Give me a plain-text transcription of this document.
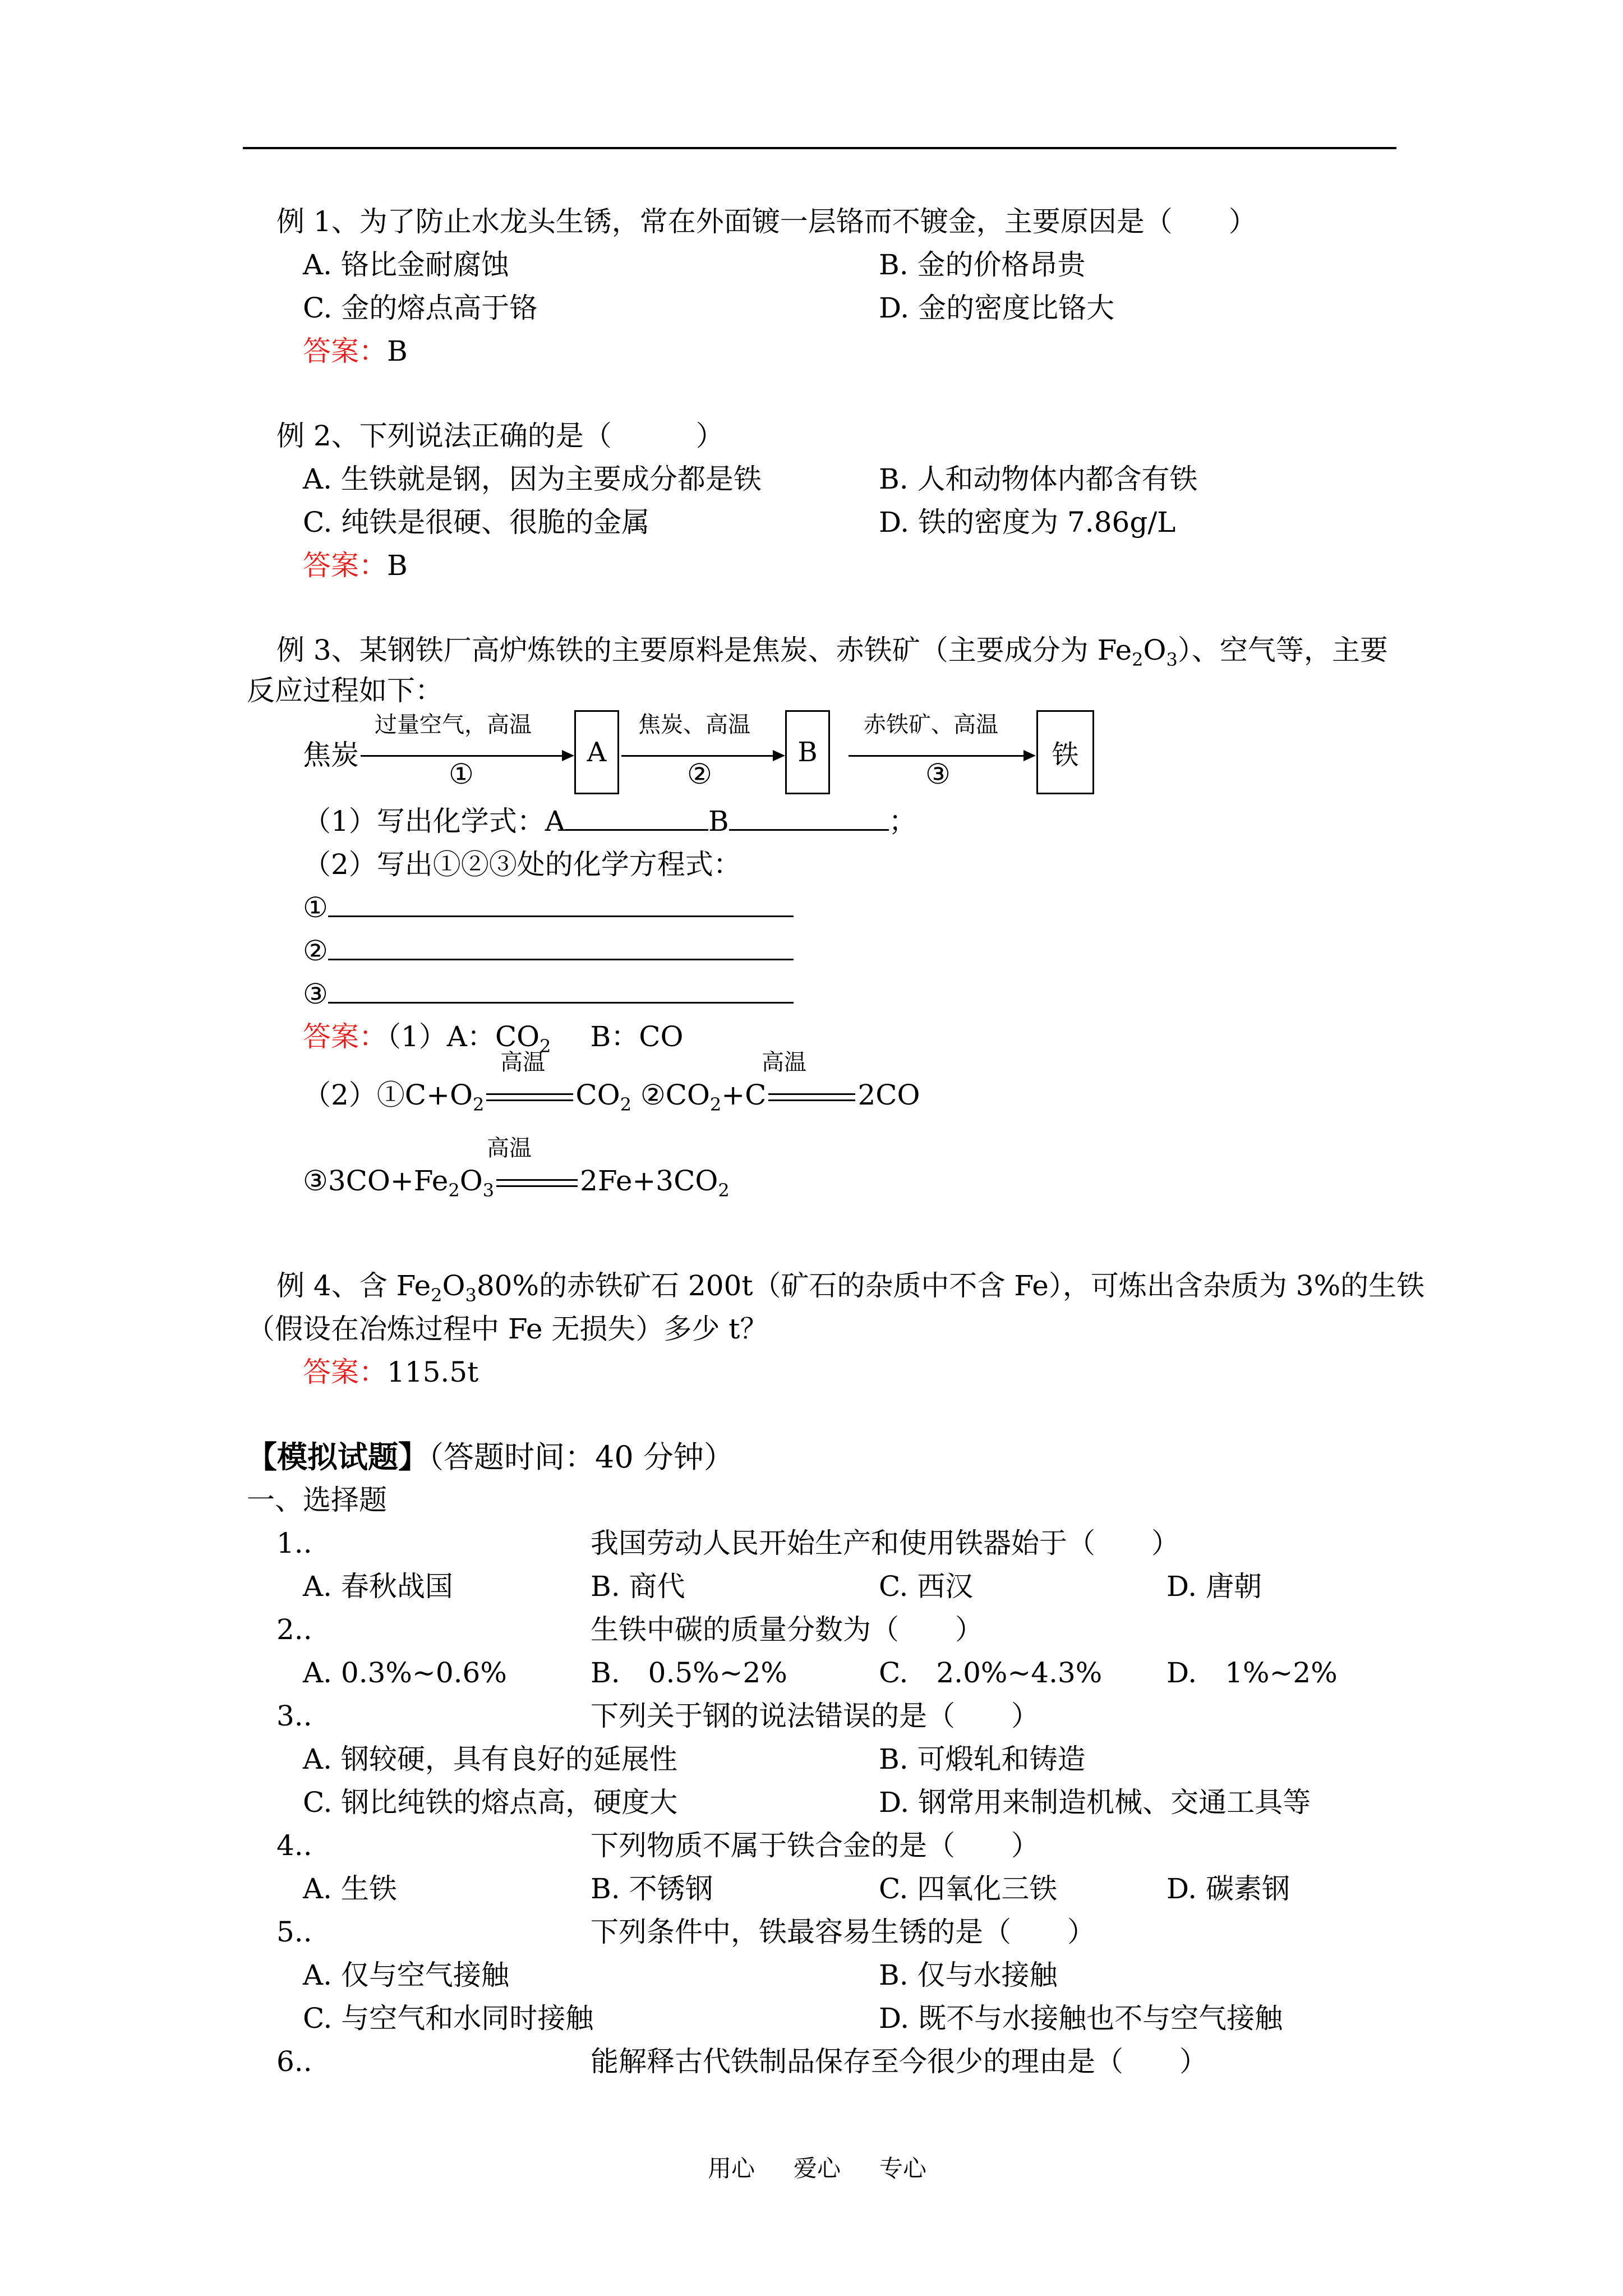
例 1、为了防止水龙头生锈，常在外面镀一层铬而不镀金，主要原因是（　　）
A. 铬比金耐腐蚀	B. 金的价格昂贵
C. 金的熔点高于铬	D. 金的密度比铬大
答案：B
例 2、下列说法正确的是（　　　）
A. 生铁就是钢，因为主要成分都是铁	B. 人和动物体内都含有铁
C. 纯铁是很硬、很脆的金属	D. 铁的密度为 7.86g/L
答案：B
例 3、某钢铁厂高炉炼铁的主要原料是焦炭、赤铁矿（主要成分为 $Fe_2O_3$）、空气等，主要
反应过程如下：
焦炭
过量空气，高温
①
A
焦炭、高温
②
B
赤铁矿、高温
③
铁
（1）写出化学式：A	B	；
（2）写出①②③处的化学方程式：
①
②
③
答案：（1）A：$CO_2$ B：CO
高温	高温
$(2)①C+O_2$	$CO_2$ $②CO_2+C$	2CO
高温
$③3CO+Fe_2O_3$	$2Fe+3CO_2$
例 4、含 $Fe_2O_380\%$的赤铁矿石 200t（矿石的杂质中不含 Fe），可炼出含杂质为 3%的生铁
（假设在冶炼过程中 Fe 无损失）多少 t？
答案：115.5t
【模拟试题】（答题时间：40 分钟）
一、选择题
1..	我国劳动人民开始生产和使用铁器始于（　　）
A. 春秋战国	B. 商代	C. 西汉	D. 唐朝
2..	生铁中碳的质量分数为（　　）
A. 0.3%~0.6%	B.　0.5%~2%	C.　2.0%~4.3% D.　1%~2%
3..	下列关于钢的说法错误的是（　　）
A. 钢较硬，具有良好的延展性	B. 可煅轧和铸造
C. 钢比纯铁的熔点高，硬度大	D. 钢常用来制造机械、交通工具等
4..	下列物质不属于铁合金的是（　　）
A. 生铁	B. 不锈钢	C. 四氧化三铁	D. 碳素钢
5..	下列条件中，铁最容易生锈的是（　　）
A. 仅与空气接触	B. 仅与水接触
C. 与空气和水同时接触	D. 既不与水接触也不与空气接触
6..	能解释古代铁制品保存至今很少的理由是（　　）
用心 爱心 专心
